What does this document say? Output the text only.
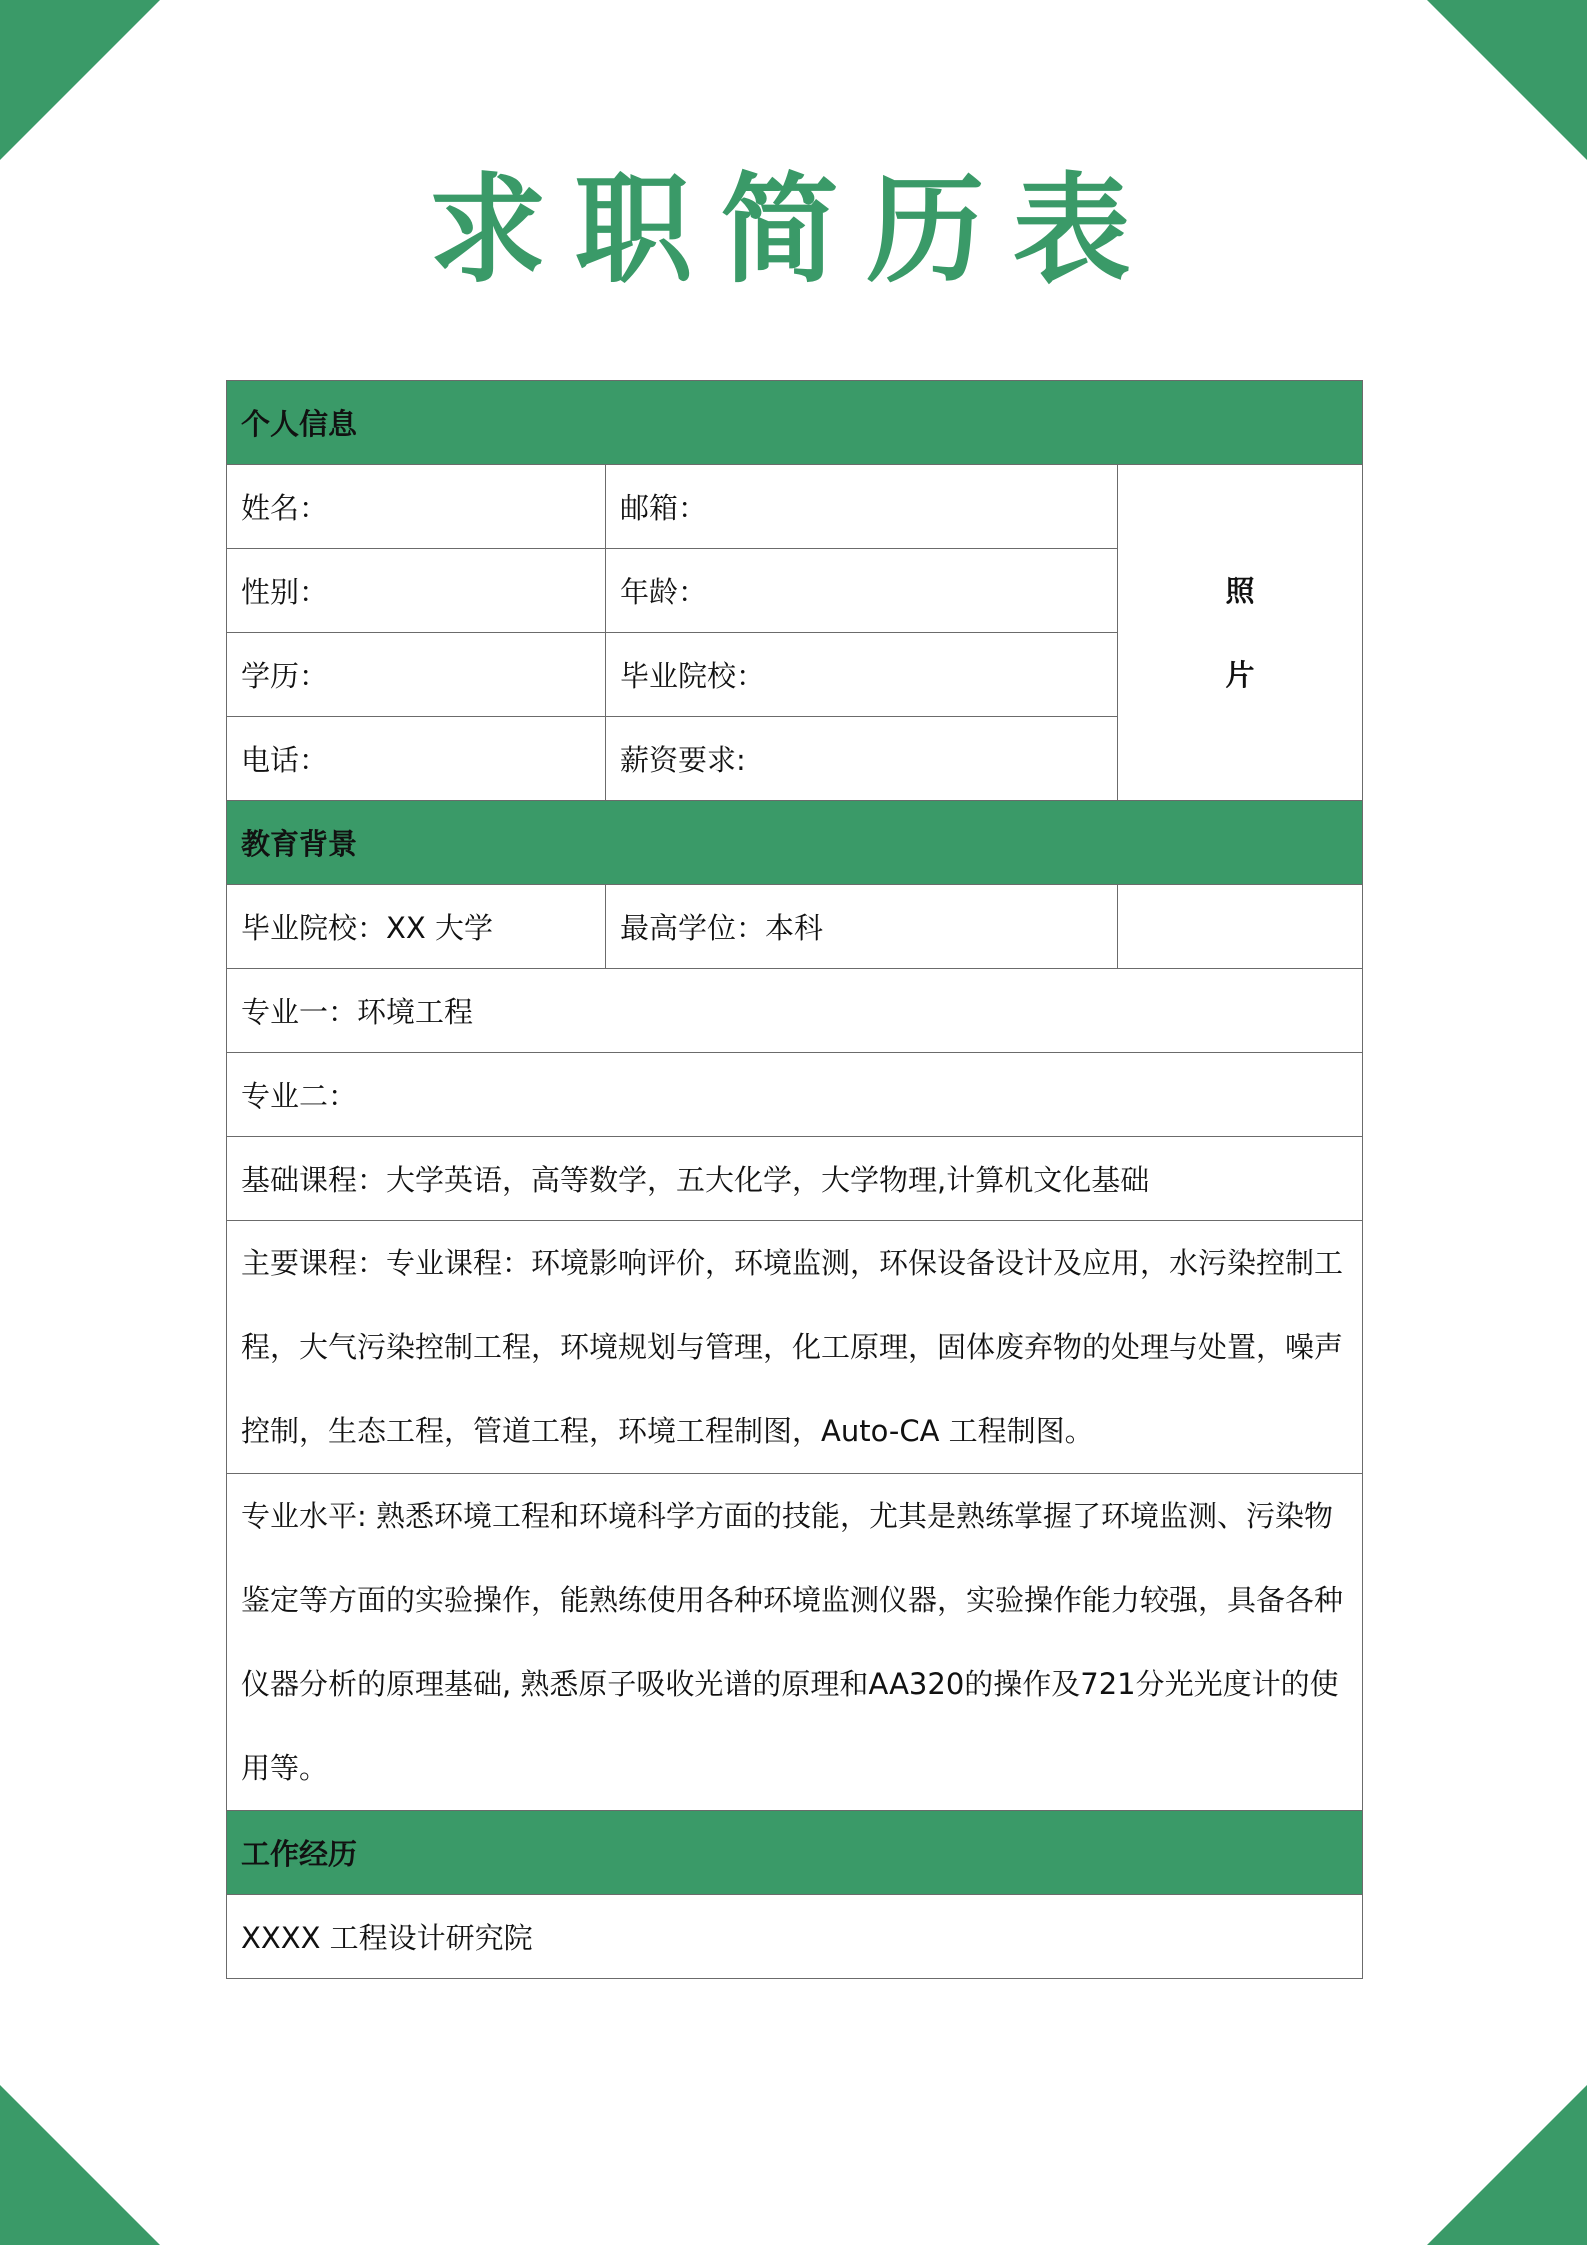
求职简历表
个人信息		
姓名：	邮箱：	照
片

性别：	年龄：	
学历：	毕业院校：	
电话：	薪资要求:	
教育背景		
毕业院校：XX 大学	最高学位：本科	
专业一：环境工程		
专业二：		
基础课程：大学英语，高等数学，五大化学，大学物理,计算机文化基础		
主要课程：专业课程：环境影响评价，环境监测，环保设备设计及应用，水污染控制工程，大气污染控制工程，环境规划与管理，化工原理，固体废弃物的处理与处置，噪声控制，生态工程，管道工程，环境工程制图，Auto-CA 工程制图。		
专业水平: 熟悉环境工程和环境科学方面的技能，尤其是熟练掌握了环境监测、污染物鉴定等方面的实验操作，能熟练使用各种环境监测仪器，实验操作能力较强，具备各种仪器分析的原理基础, 熟悉原子吸收光谱的原理和AA320的操作及721分光光度计的使用等。		
工作经历		
XXXX 工程设计研究院		
